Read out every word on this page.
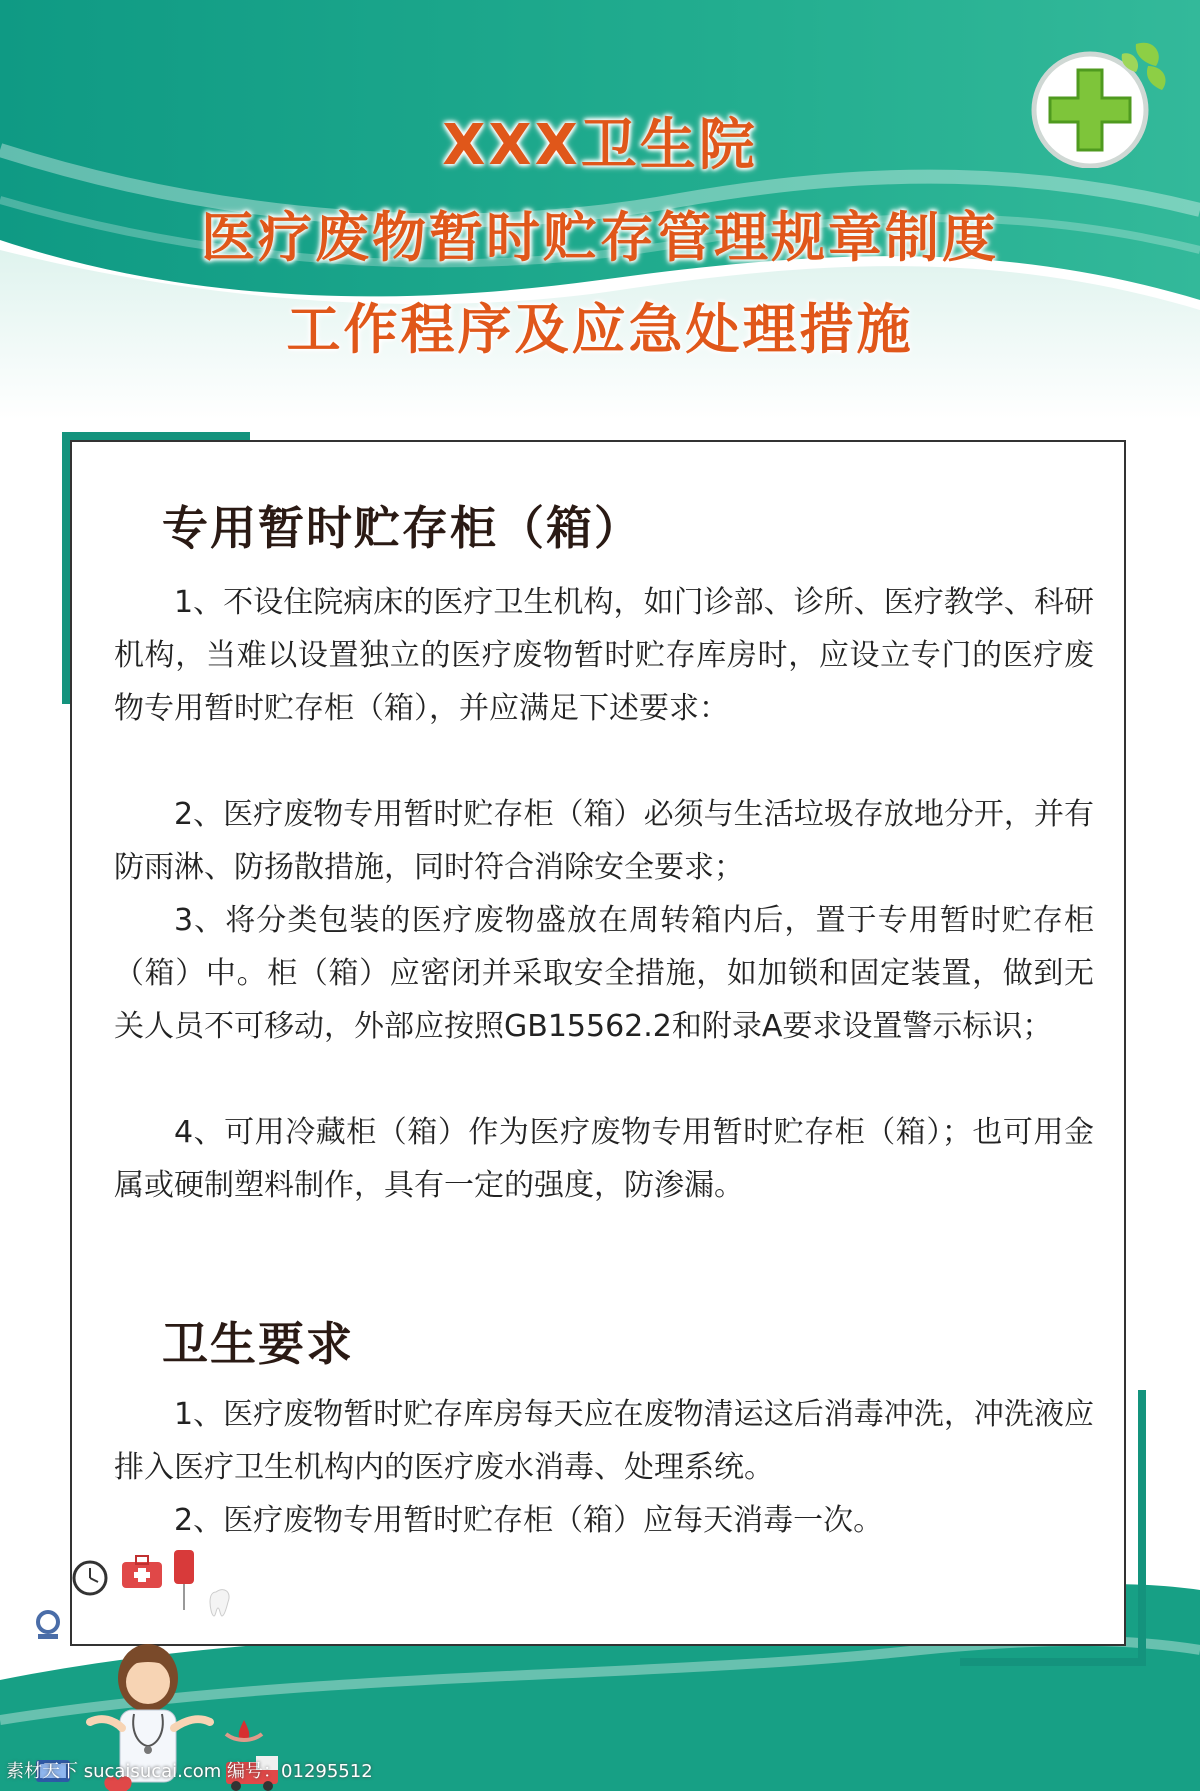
XXX卫生院
医疗废物暂时贮存管理规章制度
工作程序及应急处理措施
专用暂时贮存柜（箱）

1、不设住院病床的医疗卫生机构，如门诊部、诊所、医疗教学、科研机构，当难以设置独立的医疗废物暂时贮存库房时，应设立专门的医疗废物专用暂时贮存柜（箱），并应满足下述要求：

2、医疗废物专用暂时贮存柜（箱）必须与生活垃圾存放地分开，并有防雨淋、防扬散措施，同时符合消除安全要求；

3、将分类包装的医疗废物盛放在周转箱内后，置于专用暂时贮存柜（箱）中。柜（箱）应密闭并采取安全措施，如加锁和固定装置，做到无关人员不可移动，外部应按照GB15562.2和附录A要求设置警示标识；

4、可用冷藏柜（箱）作为医疗废物专用暂时贮存柜（箱）；也可用金属或硬制塑料制作，具有一定的强度，防渗漏。

卫生要求

1、医疗废物暂时贮存库房每天应在废物清运这后消毒冲洗，冲洗液应排入医疗卫生机构内的医疗废水消毒、处理系统。

2、医疗废物专用暂时贮存柜（箱）应每天消毒一次。

素材天下 sucaisucai.com 编号：01295512
